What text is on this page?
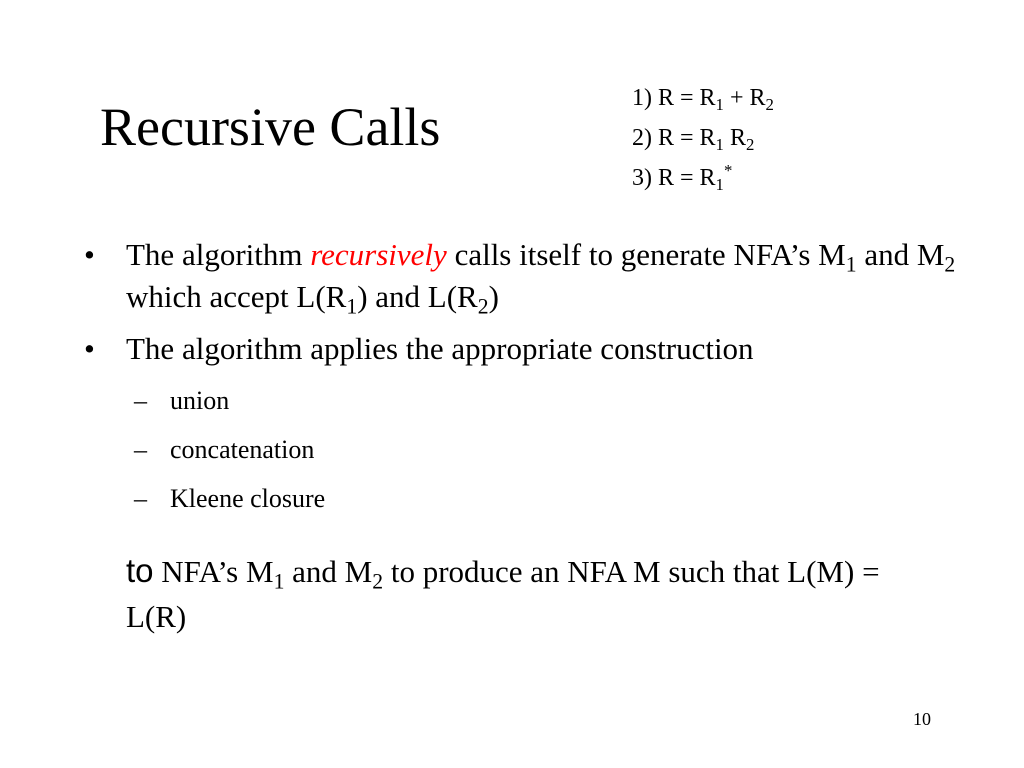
Recursive Calls	1) $R = R_1 + R_2$
2) $R = R_1$ $R_2$
3) $R = R_1^*$
• The algorithm recursively calls itself to generate NFA’s $M_1$ and $M_2$ which accept $L(R_1)$ and $L(R_2)$
• The algorithm applies the appropriate construction
– union
– concatenation
– Kleene closure
to NFA’s $M_1$ and $M_2$ to produce an NFA M such that L(M) = L(R)
10
